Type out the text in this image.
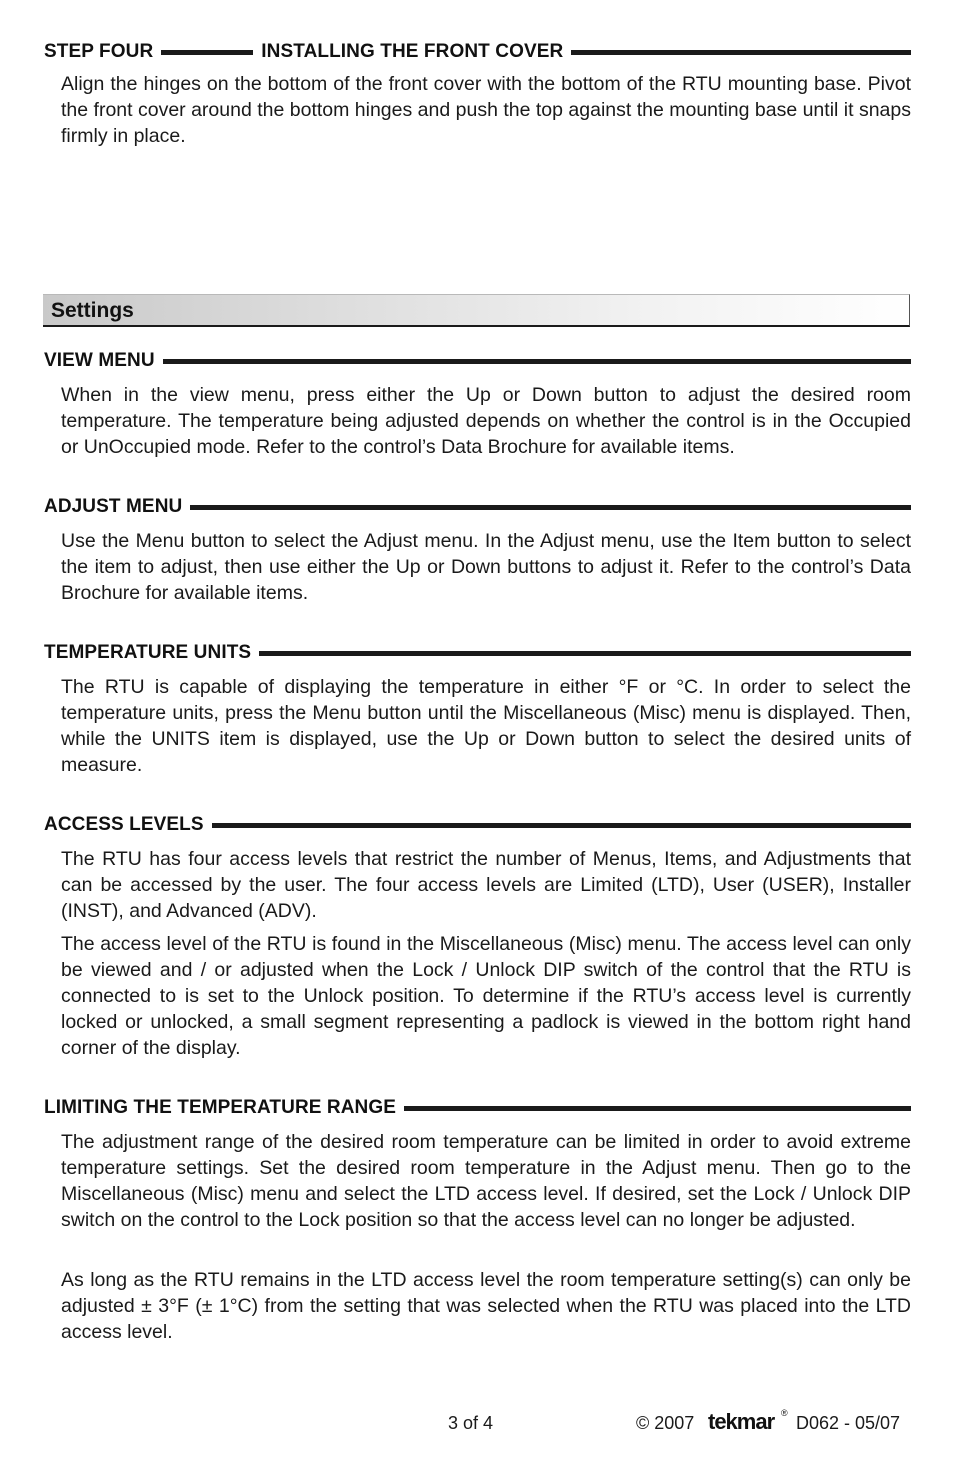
STEP FOUR	INSTALLING THE FRONT COVER

Align the hinges on the bottom of the front cover with the bottom of the RTU mounting base. Pivot the front cover around the bottom hinges and push the top against the mounting base until it snaps firmly in place.

Settings
VIEW MENU

When in the view menu, press either the Up or Down button to adjust the desired room temperature. The temperature being adjusted depends on whether the control is in the Occupied or UnOccupied mode. Refer to the control’s Data Brochure for available items.

ADJUST MENU

Use the Menu button to select the Adjust menu. In the Adjust menu, use the Item button to select the item to adjust, then use either the Up or Down buttons to adjust it. Refer to the control’s Data Brochure for available items.

TEMPERATURE UNITS

The RTU is capable of displaying the temperature in either °F or °C. In order to select the temperature units, press the Menu button until the Miscellaneous (Misc) menu is displayed. Then, while the UNITS item is displayed, use the Up or Down button to select the desired units of measure.

ACCESS LEVELS

The RTU has four access levels that restrict the number of Menus, Items, and Adjustments that can be accessed by the user. The four access levels are Limited (LTD), User (USER), Installer (INST), and Advanced (ADV).

The access level of the RTU is found in the Miscellaneous (Misc) menu. The access level can only be viewed and / or adjusted when the Lock / Unlock DIP switch of the control that the RTU is connected to is set to the Unlock position. To determine if the RTU’s access level is currently locked or unlocked, a small segment representing a padlock is viewed in the bottom right hand corner of the display.

LIMITING THE TEMPERATURE RANGE

The adjustment range of the desired room temperature can be limited in order to avoid extreme temperature settings. Set the desired room temperature in the Adjust menu. Then go to the Miscellaneous (Misc) menu and select the LTD access level. If desired, set the Lock / Unlock DIP switch on the control to the Lock position so that the access level can no longer be adjusted.

As long as the RTU remains in the LTD access level the room temperature setting(s) can only be adjusted ± 3°F (± 1°C) from the setting that was selected when the RTU was placed into the LTD access level.

3 of 4	© 2007 tekmar ® D062 - 05/07
